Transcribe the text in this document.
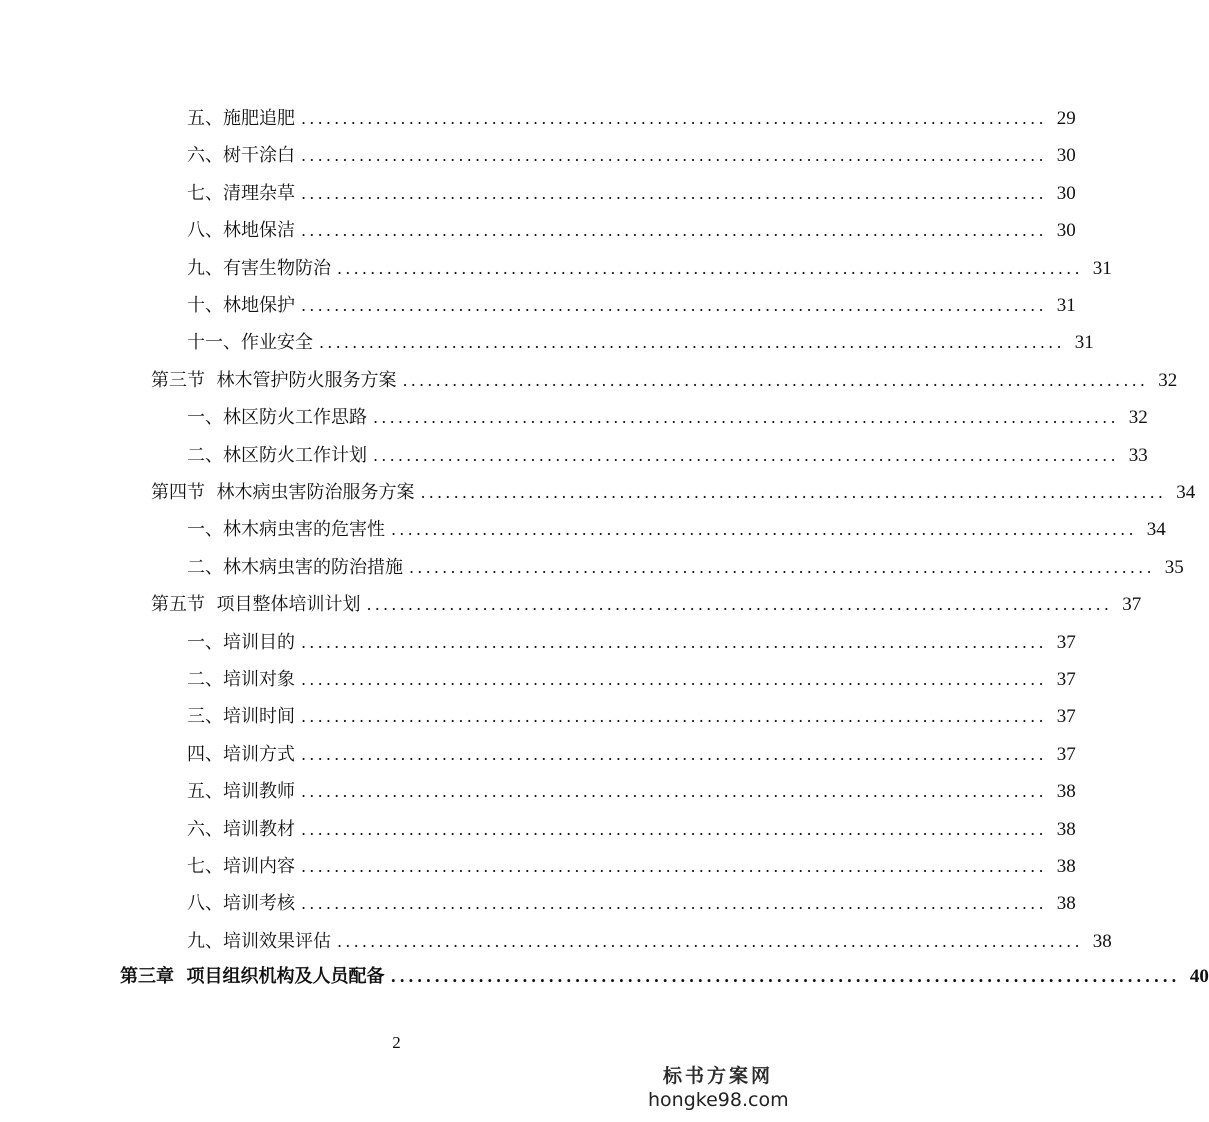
五、 施肥追肥 .......................................................................................... 29
六、 树干涂白 .......................................................................................... 30
七、 清理杂草 .......................................................................................... 30
八、 林地保洁 .......................................................................................... 30
九、 有害生物防治 .......................................................................................... 31
十、 林地保护 .......................................................................................... 31
十一、 作业安全 .......................................................................................... 31
第三节 林木管护防火服务方案 .......................................................................................... 32
一、 林区防火工作思路 .......................................................................................... 32
二、 林区防火工作计划 .......................................................................................... 33
第四节 林木病虫害防治服务方案 .......................................................................................... 34
一、 林木病虫害的危害性 .......................................................................................... 34
二、 林木病虫害的防治措施 .......................................................................................... 35
第五节 项目整体培训计划 .......................................................................................... 37
一、 培训目的 .......................................................................................... 37
二、 培训对象 .......................................................................................... 37
三、 培训时间 .......................................................................................... 37
四、 培训方式 .......................................................................................... 37
五、 培训教师 .......................................................................................... 38
六、 培训教材 .......................................................................................... 38
七、 培训内容 .......................................................................................... 38
八、 培训考核 .......................................................................................... 38
九、 培训效果评估 .......................................................................................... 38
第三章 项目组织机构及人员配备 .......................................................................................... 40
2
标书方案网
hongke98.com
